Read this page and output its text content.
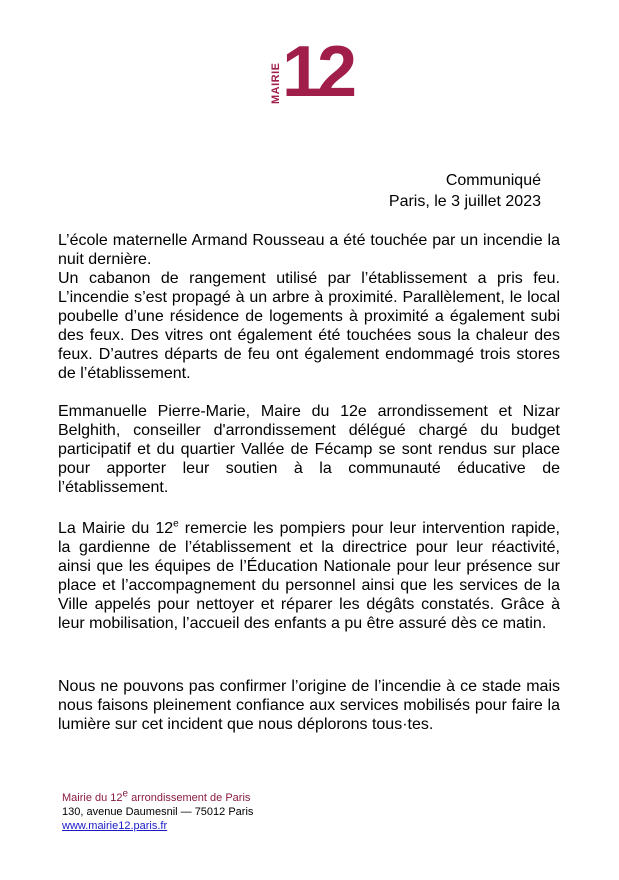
MAIRIE 12
Communiqué
Paris, le 3 juillet 2023

L’école maternelle Armand Rousseau a été touchée par un incendie la nuit dernière.

Un cabanon de rangement utilisé par l’établissement a pris feu. L’incendie s’est propagé à un arbre à proximité. Parallèlement, le local poubelle d’une résidence de logements à proximité a également subi des feux. Des vitres ont également été touchées sous la chaleur des feux. D’autres départs de feu ont également endommagé trois stores de l’établissement.

Emmanuelle Pierre-Marie, Maire du 12e arrondissement et Nizar Belghith, conseiller d'arrondissement délégué chargé du budget participatif et du quartier Vallée de Fécamp se sont rendus sur place pour apporter leur soutien à la communauté éducative de l’établissement.

La Mairie du 12e remercie les pompiers pour leur intervention rapide, la gardienne de l’établissement et la directrice pour leur réactivité, ainsi que les équipes de l’Éducation Nationale pour leur présence sur place et l’accompagnement du personnel ainsi que les services de la Ville appelés pour nettoyer et réparer les dégâts constatés. Grâce à leur mobilisation, l’accueil des enfants a pu être assuré dès ce matin.

Nous ne pouvons pas confirmer l’origine de l’incendie à ce stade mais nous faisons pleinement confiance aux services mobilisés pour faire la lumière sur cet incident que nous déplorons tous·tes.

Mairie du 12e arrondissement de Paris
130, avenue Daumesnil — 75012 Paris
www.mairie12.paris.fr
